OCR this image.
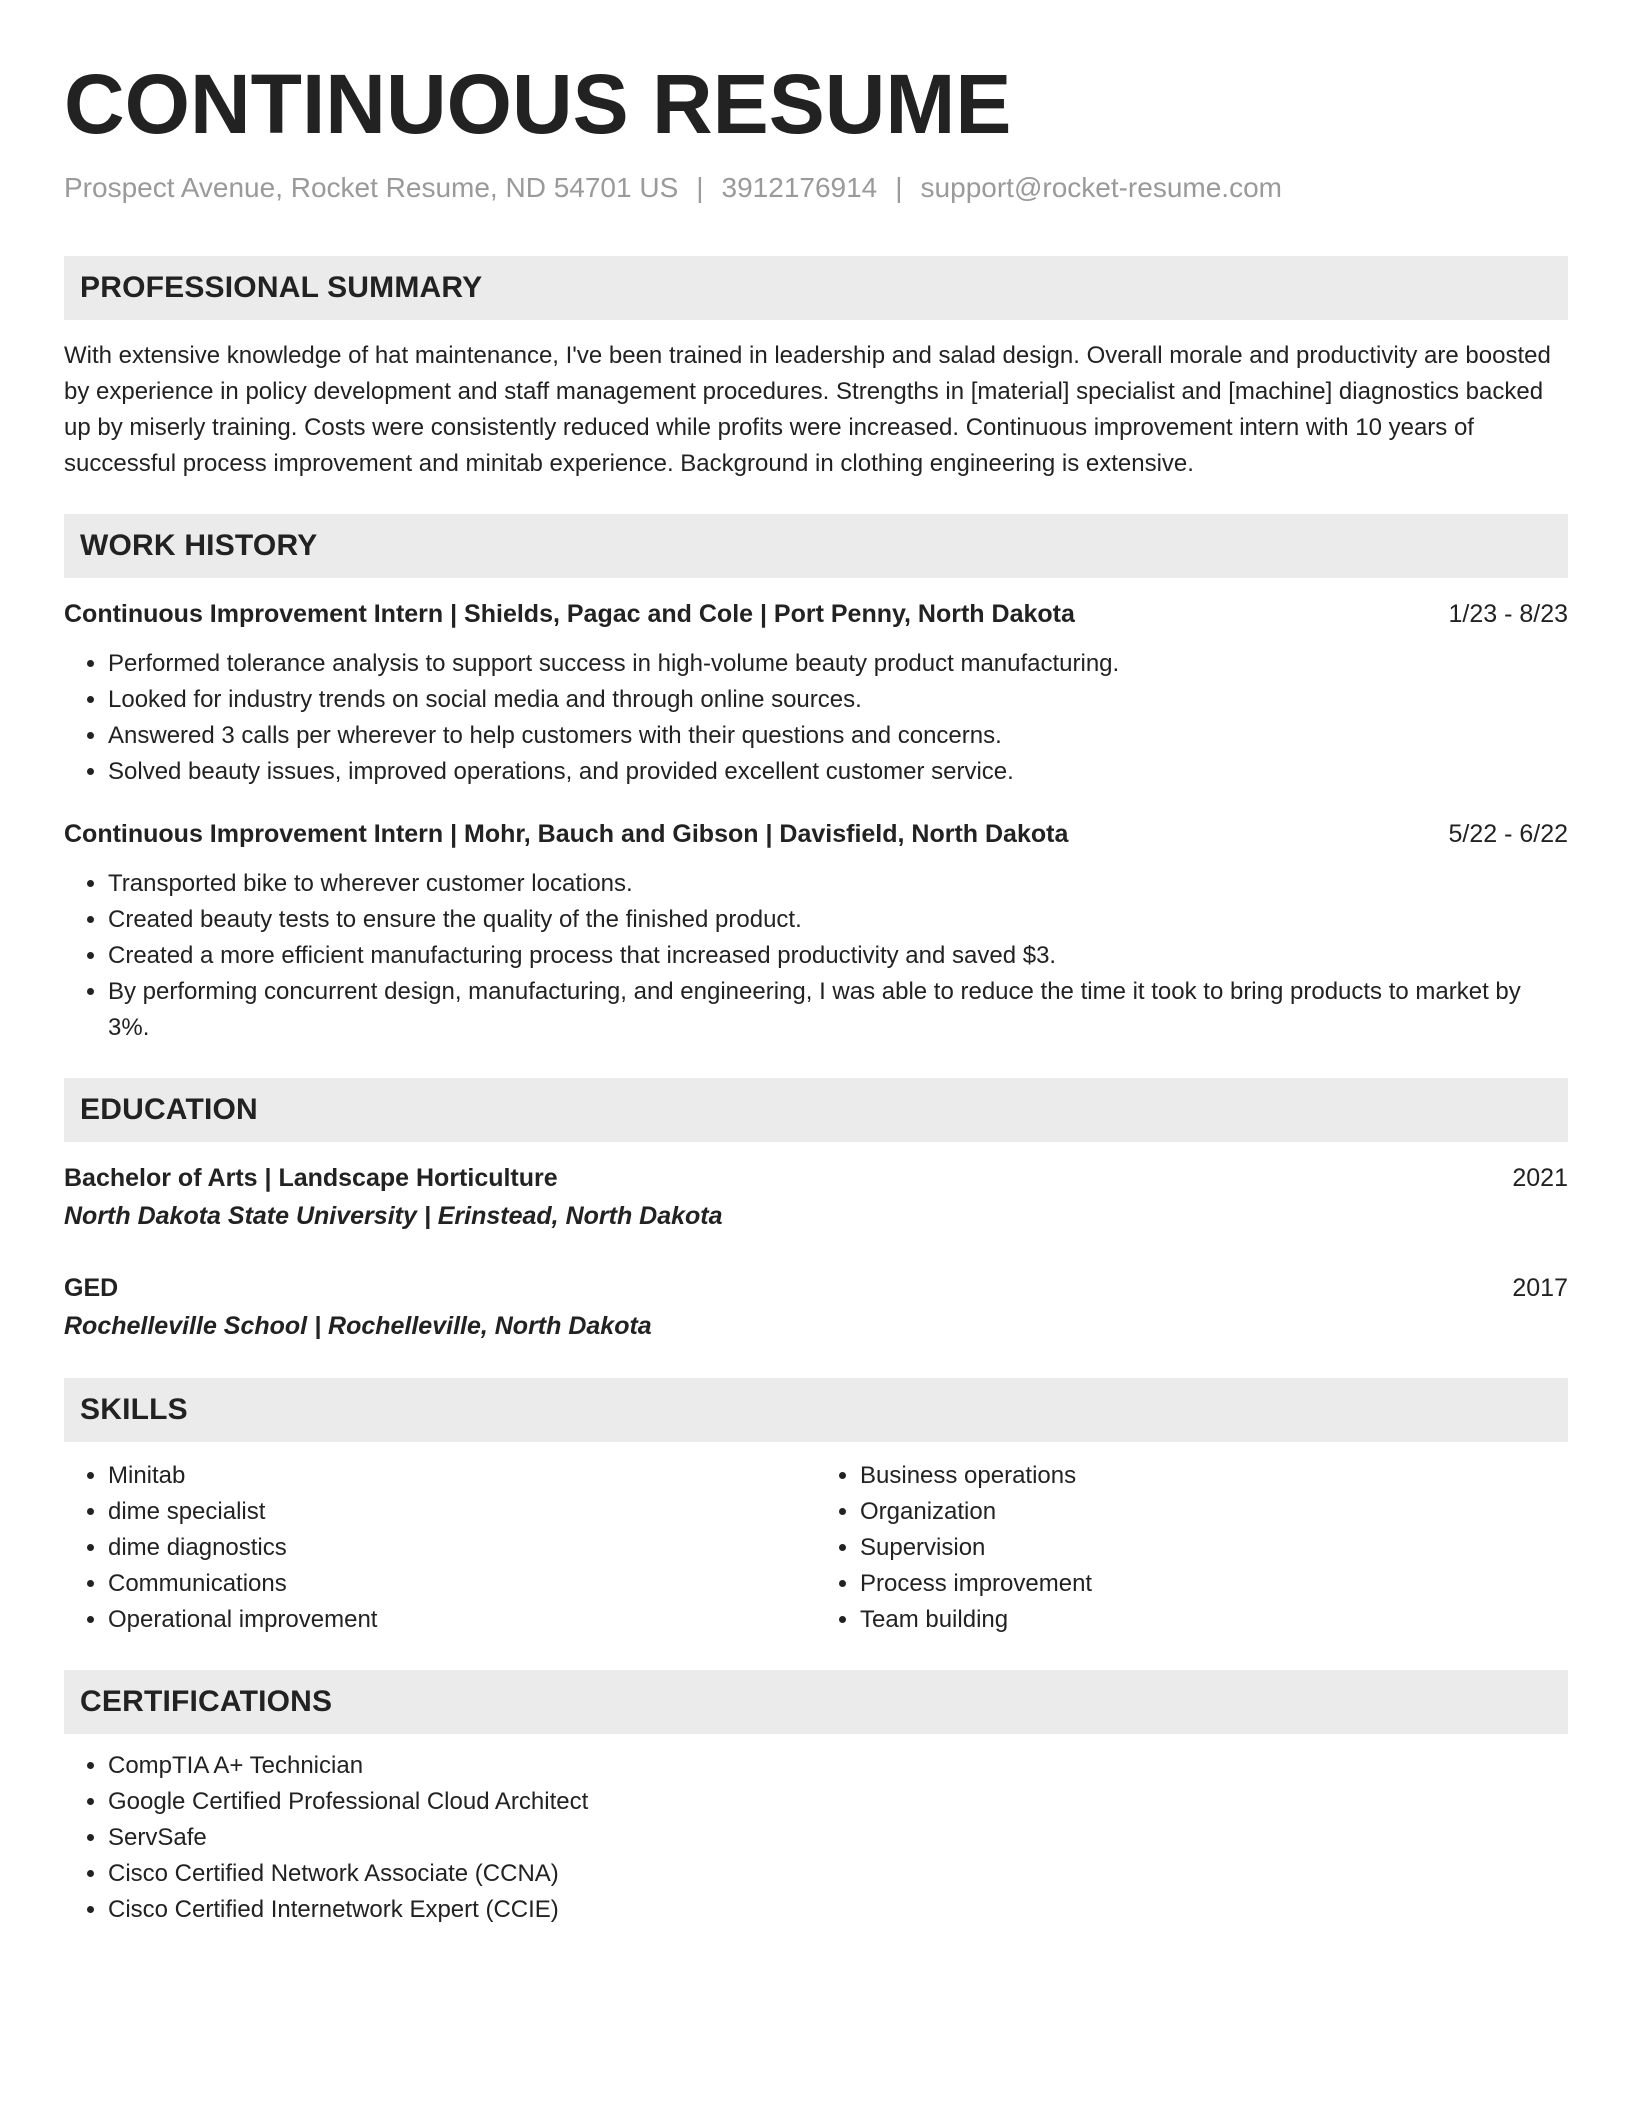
CONTINUOUS RESUME
Prospect Avenue, Rocket Resume, ND 54701 US | 3912176914 | support@rocket-resume.com
PROFESSIONAL SUMMARY
With extensive knowledge of hat maintenance, I've been trained in leadership and salad design. Overall morale and productivity are boosted by experience in policy development and staff management procedures. Strengths in [material] specialist and [machine] diagnostics backed up by miserly training. Costs were consistently reduced while profits were increased. Continuous improvement intern with 10 years of successful process improvement and minitab experience. Background in clothing engineering is extensive.
WORK HISTORY
Continuous Improvement Intern | Shields, Pagac and Cole | Port Penny, North Dakota	1/23 - 8/23
• Performed tolerance analysis to support success in high-volume beauty product manufacturing.
• Looked for industry trends on social media and through online sources.
• Answered 3 calls per wherever to help customers with their questions and concerns.
• Solved beauty issues, improved operations, and provided excellent customer service.
Continuous Improvement Intern | Mohr, Bauch and Gibson | Davisfield, North Dakota	5/22 - 6/22
• Transported bike to wherever customer locations.
• Created beauty tests to ensure the quality of the finished product.
• Created a more efficient manufacturing process that increased productivity and saved $3.
• By performing concurrent design, manufacturing, and engineering, I was able to reduce the time it took to bring products to market by 3%.
EDUCATION
Bachelor of Arts | Landscape Horticulture	2021
North Dakota State University | Erinstead, North Dakota
GED	2017
Rochelleville School | Rochelleville, North Dakota
SKILLS
• Minitab
• dime specialist
• dime diagnostics
• Communications
• Operational improvement
• Business operations
• Organization
• Supervision
• Process improvement
• Team building
CERTIFICATIONS
• CompTIA A+ Technician
• Google Certified Professional Cloud Architect
• ServSafe
• Cisco Certified Network Associate (CCNA)
• Cisco Certified Internetwork Expert (CCIE)
